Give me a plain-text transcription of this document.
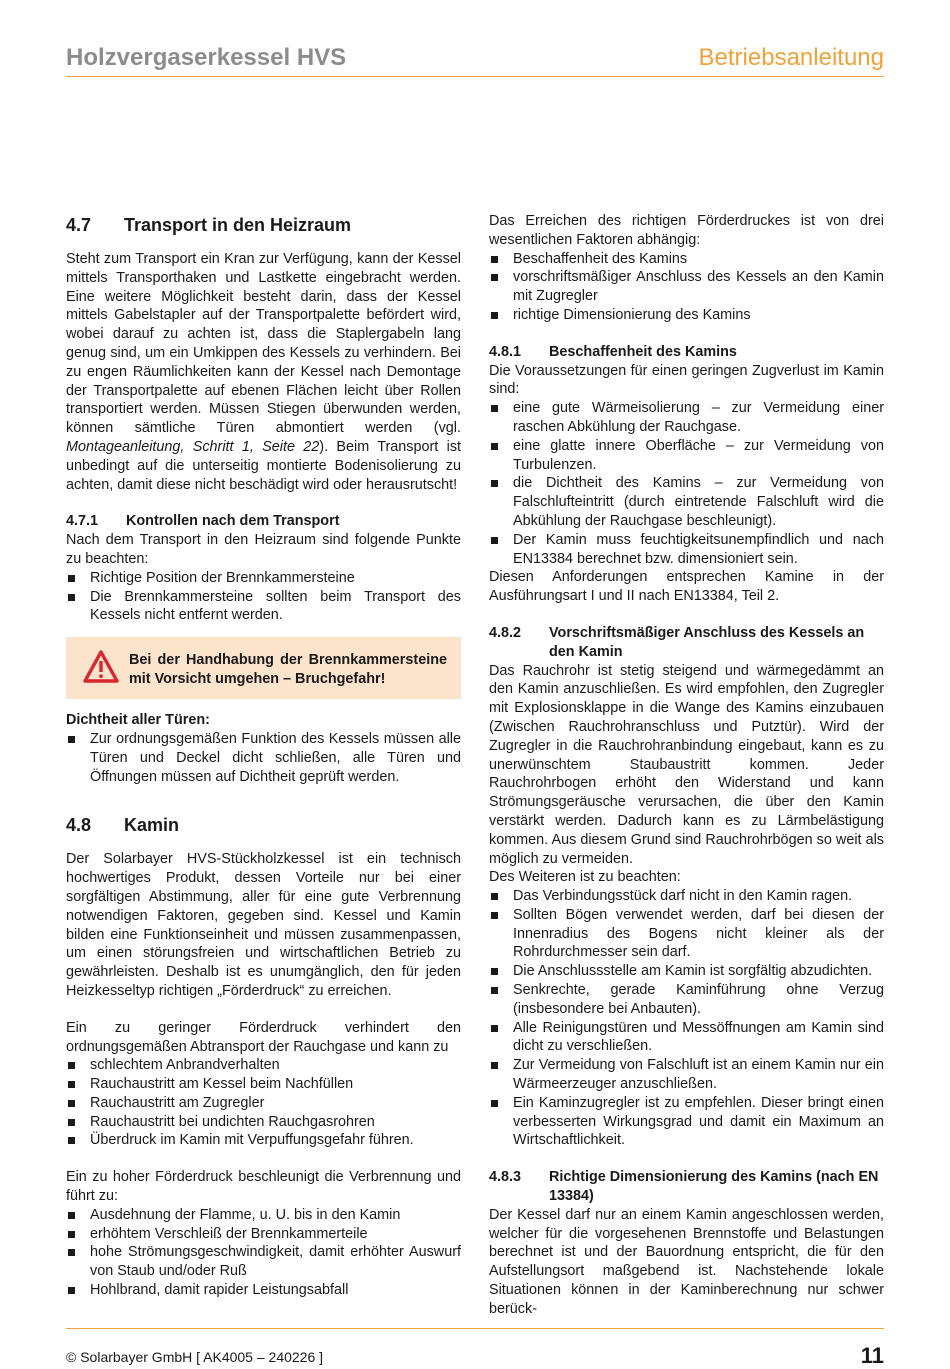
Holzvergaserkessel HVS	Betriebsanleitung
4.7 Transport in den Heizraum

Steht zum Transport ein Kran zur Verfügung, kann der Kessel mittels Transporthaken und Lastkette eingebracht werden. Eine weitere Möglichkeit besteht darin, dass der Kessel mittels Gabelstapler auf der Transportpalette befördert wird, wobei darauf zu achten ist, dass die Staplergabeln lang genug sind, um ein Umkippen des Kessels zu verhindern. Bei zu engen Räumlichkeiten kann der Kessel nach Demontage der Transportpalette auf ebenen Flächen leicht über Rollen transportiert werden. Müssen Stiegen überwunden werden, können sämtliche Türen abmontiert werden (vgl. Montageanleitung, Schritt 1, Seite 22). Beim Transport ist unbedingt auf die unterseitig montierte Bodenisolierung zu achten, damit diese nicht beschädigt wird oder herausrutscht!

4.7.1 Kontrollen nach dem Transport

Nach dem Transport in den Heizraum sind folgende Punkte zu beachten:

Richtige Position der Brennkammersteine
Die Brennkammersteine sollten beim Transport des Kessels nicht entfernt werden.
Bei der Handhabung der Brennkammersteine mit Vorsicht umgehen – Bruchgefahr!

Dichtheit aller Türen:

Zur ordnungsgemäßen Funktion des Kessels müssen alle Türen und Deckel dicht schließen, alle Türen und Öffnungen müssen auf Dichtheit geprüft werden.
4.8 Kamin

Der Solarbayer HVS-Stückholzkessel ist ein technisch hochwertiges Produkt, dessen Vorteile nur bei einer sorgfältigen Abstimmung, aller für eine gute Verbrennung notwendigen Faktoren, gegeben sind. Kessel und Kamin bilden eine Funktionseinheit und müssen zusammenpassen, um einen störungsfreien und wirtschaftlichen Betrieb zu gewährleisten. Deshalb ist es unumgänglich, den für jeden Heizkesseltyp richtigen „Förderdruck“ zu erreichen.

Ein zu geringer Förderdruck verhindert den ordnungsgemäßen Abtransport der Rauchgase und kann zu

schlechtem Anbrandverhalten
Rauchaustritt am Kessel beim Nachfüllen
Rauchaustritt am Zugregler
Rauchaustritt bei undichten Rauchgasrohren
Überdruck im Kamin mit Verpuffungsgefahr führen.

Ein zu hoher Förderdruck beschleunigt die Verbrennung und führt zu:

Ausdehnung der Flamme, u. U. bis in den Kamin
erhöhtem Verschleiß der Brennkammerteile
hohe Strömungsgeschwindigkeit, damit erhöhter Auswurf von Staub und/oder Ruß
Hohlbrand, damit rapider Leistungsabfall

Das Erreichen des richtigen Förderdruckes ist von drei wesentlichen Faktoren abhängig:

Beschaffenheit des Kamins
vorschriftsmäßiger Anschluss des Kessels an den Kamin mit Zugregler
richtige Dimensionierung des Kamins
4.8.1 Beschaffenheit des Kamins

Die Voraussetzungen für einen geringen Zugverlust im Kamin sind:

eine gute Wärmeisolierung – zur Vermeidung einer raschen Abkühlung der Rauchgase.
eine glatte innere Oberfläche – zur Vermeidung von Turbulenzen.
die Dichtheit des Kamins – zur Vermeidung von Falschlufteintritt (durch eintretende Falschluft wird die Abkühlung der Rauchgase beschleunigt).
Der Kamin muss feuchtigkeitsunempfindlich und nach EN13384 berechnet bzw. dimensioniert sein.

Diesen Anforderungen entsprechen Kamine in der Ausführungsart I und II nach EN13384, Teil 2.

4.8.2 Vorschriftsmäßiger Anschluss des Kessels an den Kamin

Das Rauchrohr ist stetig steigend und wärmegedämmt an den Kamin anzuschließen. Es wird empfohlen, den Zugregler mit Explosionsklappe in die Wange des Kamins einzubauen (Zwischen Rauchrohranschluss und Putztür). Wird der Zugregler in die Rauchrohranbindung eingebaut, kann es zu unerwünschtem Staubaustritt kommen. Jeder Rauchrohrbogen erhöht den Widerstand und kann Strömungsgeräusche verursachen, die über den Kamin verstärkt werden. Dadurch kann es zu Lärmbelästigung kommen. Aus diesem Grund sind Rauchrohrbögen so weit als möglich zu vermeiden.

Des Weiteren ist zu beachten:

Das Verbindungsstück darf nicht in den Kamin ragen.
Sollten Bögen verwendet werden, darf bei diesen der Innenradius des Bogens nicht kleiner als der Rohrdurchmesser sein darf.
Die Anschlussstelle am Kamin ist sorgfältig abzudichten.
Senkrechte, gerade Kaminführung ohne Verzug (insbesondere bei Anbauten).
Alle Reinigungstüren und Messöffnungen am Kamin sind dicht zu verschließen.
Zur Vermeidung von Falschluft ist an einem Kamin nur ein Wärmeerzeuger anzuschließen.
Ein Kaminzugregler ist zu empfehlen. Dieser bringt einen verbesserten Wirkungsgrad und damit ein Maximum an Wirtschaftlichkeit.
4.8.3 Richtige Dimensionierung des Kamins (nach EN 13384)

Der Kessel darf nur an einem Kamin angeschlossen werden, welcher für die vorgesehenen Brennstoffe und Belastungen berechnet ist und der Bauordnung entspricht, die für den Aufstellungsort maßgebend ist. Nachstehende lokale Situationen können in der Kaminberechnung nur schwer berück-

© Solarbayer GmbH [ AK4005 – 240226 ]	11
